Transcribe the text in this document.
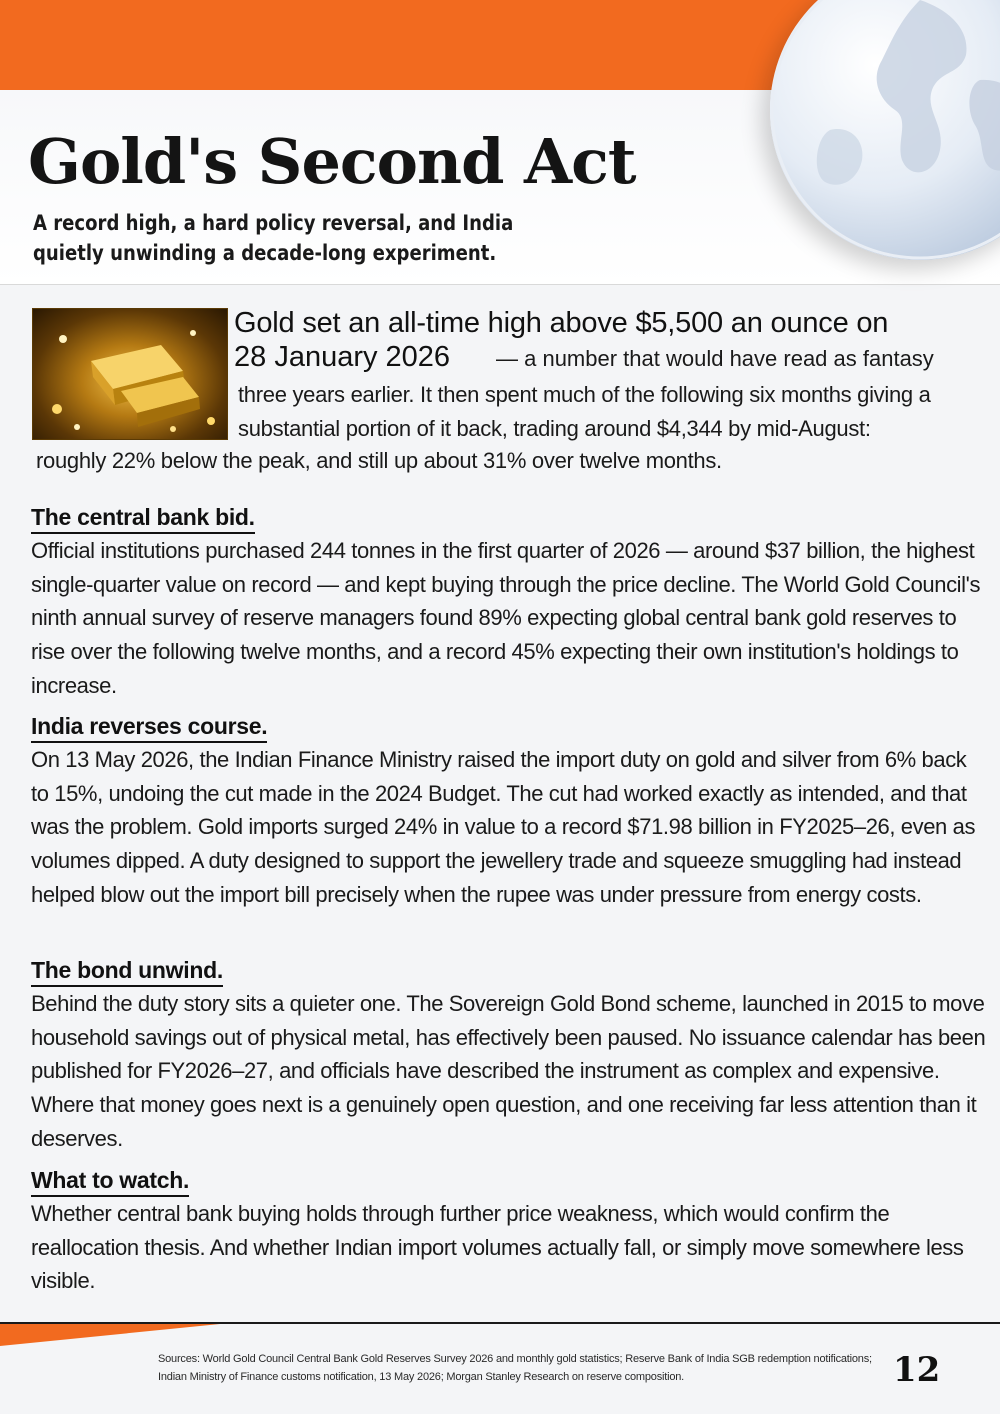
Gold's Second Act

A record high, a hard policy reversal, and India quietly unwinding a decade-long experiment.

Gold set an all-time high above $5,500 an ounce on
28 January 2026 — a number that would have read as fantasy
three years earlier. It then spent much of the following six months giving a substantial portion of it back, trading around $4,344 by mid-August:
roughly 22% below the peak, and still up about 31% over twelve months.
The central bank bid.

Official institutions purchased 244 tonnes in the first quarter of 2026 — around $37 billion, the highest single-quarter value on record — and kept buying through the price decline. The World Gold Council's ninth annual survey of reserve managers found 89% expecting global central bank gold reserves to rise over the following twelve months, and a record 45% expecting their own institution's holdings to increase.

India reverses course.

On 13 May 2026, the Indian Finance Ministry raised the import duty on gold and silver from 6% back to 15%, undoing the cut made in the 2024 Budget. The cut had worked exactly as intended, and that was the problem. Gold imports surged 24% in value to a record $71.98 billion in FY2025–26, even as volumes dipped. A duty designed to support the jewellery trade and squeeze smuggling had instead helped blow out the import bill precisely when the rupee was under pressure from energy costs.

The bond unwind.

Behind the duty story sits a quieter one. The Sovereign Gold Bond scheme, launched in 2015 to move household savings out of physical metal, has effectively been paused. No issuance calendar has been published for FY2026–27, and officials have described the instrument as complex and expensive. Where that money goes next is a genuinely open question, and one receiving far less attention than it deserves.

What to watch.

Whether central bank buying holds through further price weakness, which would confirm the reallocation thesis. And whether Indian import volumes actually fall, or simply move somewhere less visible.

Sources: World Gold Council Central Bank Gold Reserves Survey 2026 and monthly gold statistics; Reserve Bank of India SGB redemption notifications; Indian Ministry of Finance customs notification, 13 May 2026; Morgan Stanley Research on reserve composition.	12
